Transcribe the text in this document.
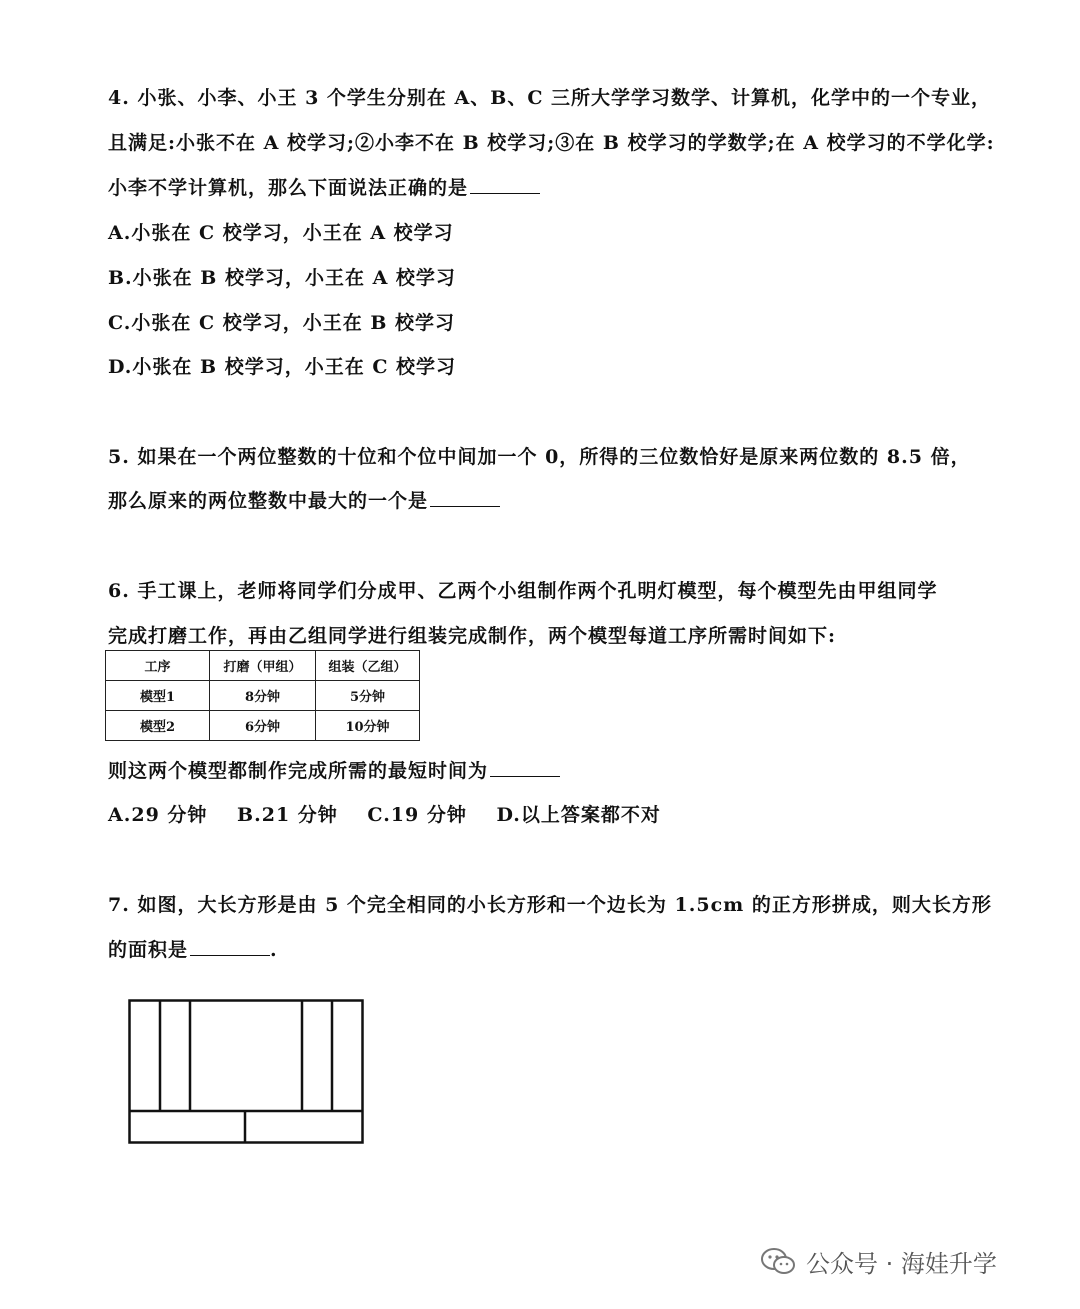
4. 小张、小李、小王 3 个学生分别在 A、B、C 三所大学学习数学、计算机，化学中的一个专业，
且满足:小张不在 A 校学习;②小李不在 B 校学习;③在 B 校学习的学数学;在 A 校学习的不学化学:
小李不学计算机，那么下面说法正确的是
A.小张在 C 校学习，小王在 A 校学习
B.小张在 B 校学习，小王在 A 校学习
C.小张在 C 校学习，小王在 B 校学习
D.小张在 B 校学习，小王在 C 校学习
5. 如果在一个两位整数的十位和个位中间加一个 0，所得的三位数恰好是原来两位数的 8.5 倍，
那么原来的两位整数中最大的一个是
6. 手工课上，老师将同学们分成甲、乙两个小组制作两个孔明灯模型，每个模型先由甲组同学
完成打磨工作，再由乙组同学进行组装完成制作，两个模型每道工序所需时间如下:
工序	打磨（甲组）	组装（乙组）
模型1	8分钟	5分钟
模型2	6分钟	10分钟
则这两个模型都制作完成所需的最短时间为
A.29 分钟 B.21 分钟 C.19 分钟 D.以上答案都不对
7. 如图，大长方形是由 5 个完全相同的小长方形和一个边长为 1.5cm 的正方形拼成，则大长方形
的面积是	.
公众号 · 海娃升学
